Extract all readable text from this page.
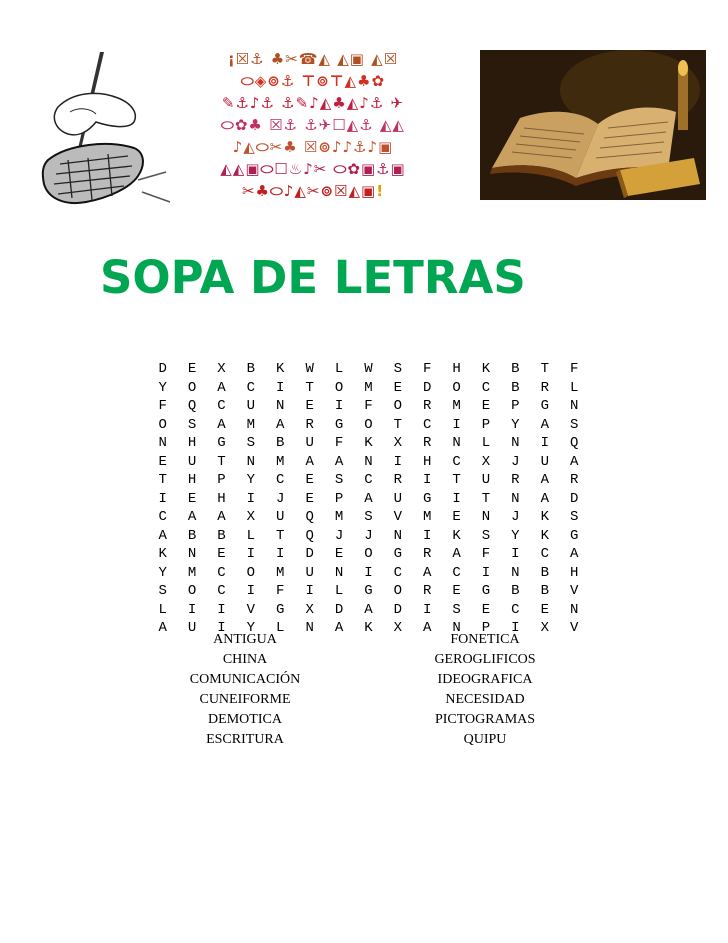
¡☒⚓ ♣✂☎◭ ◭▣ ◭☒
⬭◈⊚⚓ ⊤⊚⊤◭♣✿
✎⚓♪⚓ ⚓✎♪◭♣◭♪⚓ ✈
⬭✿♣ ☒⚓ ⚓✈☐◭⚓ ◭◭
♪◭⬭✂♣ ☒⊚♪♪⚓♪▣
◭◭▣⬭☐♨♪✂ ⬭✿▣⚓▣
✂♣⬭♪◭✂⊚☒◭▣!
SOPA DE LETRAS
D E X B K W L W S F H K B T F
Y O A C I T O M E D O C B R L
F Q C U N E I F O R M E P G N
O S A M A R G O T C I P Y A S
N H G S B U F K X R N L N I Q
E U T N M A A N I H C X J U A
T H P Y C E S C R I T U R A R
I E H I J E P A U G I T N A D
C A A X U Q M S V M E N J K S
A B B L T Q J J N I K S Y K G
K N E I I D E O G R A F I C A
Y M C O M U N I C A C I N B H
S O C I F I L G O R E G B B V
L I I V G X D A D I S E C E N
A U I Y L N A K X A N P I X V
ANTIGUA
CHINA
COMUNICACIÓN
CUNEIFORME
DEMOTICA
ESCRITURA
FONETICA
GEROGLIFICOS
IDEOGRAFICA
NECESIDAD
PICTOGRAMAS
QUIPU
